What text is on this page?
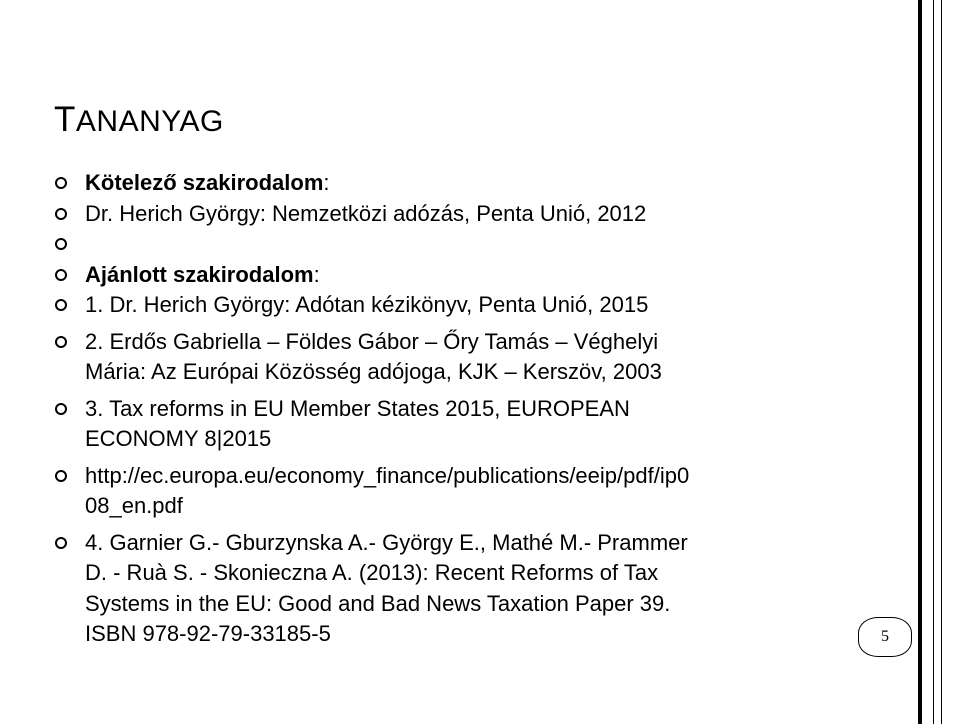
TANANYAG
Kötelező szakirodalom:
Dr. Herich György: Nemzetközi adózás, Penta Unió, 2012

Ajánlott szakirodalom:
1. Dr. Herich György: Adótan kézikönyv, Penta Unió, 2015
2. Erdős Gabriella – Földes Gábor – Őry Tamás – Véghelyi
Mária: Az Európai Közösség adójoga, KJK – Kerszöv, 2003
3. Tax reforms in EU Member States 2015, EUROPEAN
ECONOMY 8|2015
http://ec.europa.eu/economy_finance/publications/eeip/pdf/ip0
08_en.pdf
4. Garnier G.- Gburzynska A.- György E., Mathé M.- Prammer
D. - Ruà S. - Skonieczna A. (2013): Recent Reforms of Tax
Systems in the EU: Good and Bad News Taxation Paper 39.
ISBN 978-92-79-33185-5	5
